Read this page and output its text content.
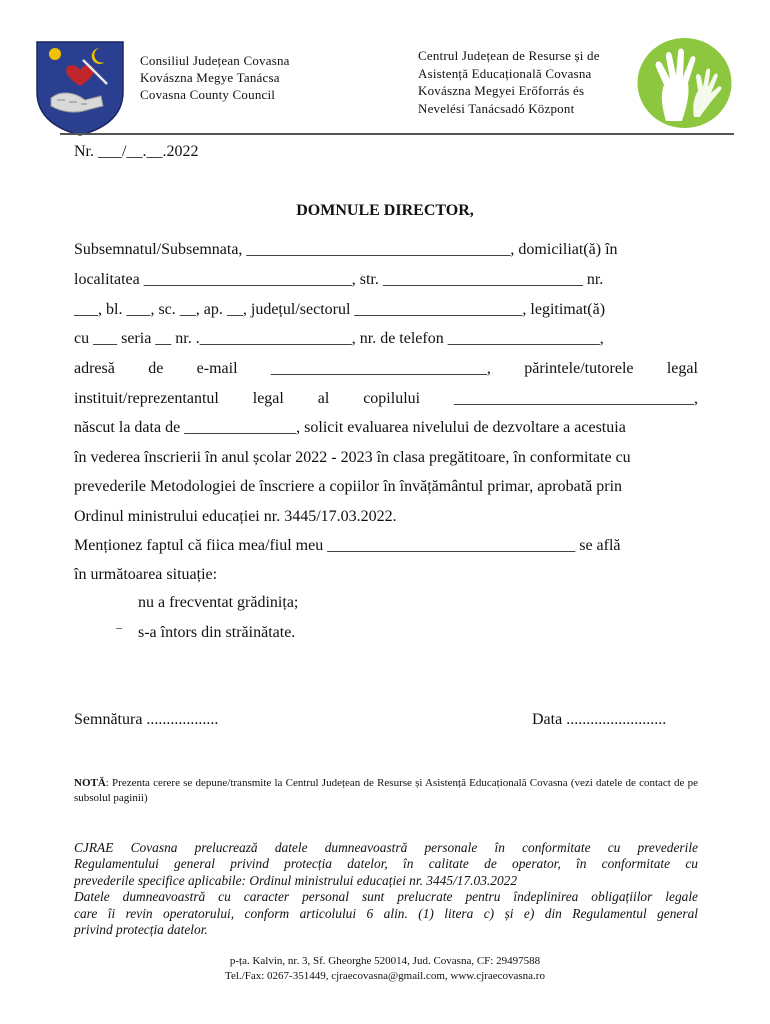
Consiliul Județean Covasna
Kovászna Megye Tanácsa
Covasna County Council
Centrul Județean de Resurse și de
Asistență Educațională Covasna
Kovászna Megyei Erőforrás és
Nevelési Tanácsadó Központ
Nr. ___/__.__.2022
DOMNULE DIRECTOR,
Subsemnatul/Subsemnata, _________________________________, domiciliat(ă) în
localitatea __________________________, str. _________________________ nr.
___, bl. ___, sc. __, ap. __, județul/sectorul _____________________, legitimat(ă)
cu ___ seria __ nr. .___________________, nr. de telefon ___________________,
adresă de e-mail ___________________________, părintele/tutorele legal
instituit/reprezentantul legal al copilului ______________________________,
născut la data de ______________, solicit evaluarea nivelului de dezvoltare a acestuia
în vederea înscrierii în anul școlar 2022 - 2023 în clasa pregătitoare, în conformitate cu
prevederile Metodologiei de înscriere a copiilor în învățământul primar, aprobată prin
Ordinul ministrului educației nr. 3445/17.03.2022.
Menționez faptul că fiica mea/fiul meu _______________________________ se află
în următoarea situație:
nu a frecventat grădinița;
– s-a întors din străinătate.
Semnătura ..................	Data .........................
NOTĂ: Prezenta cerere se depune/transmite la Centrul Județean de Resurse și Asistență Educațională Covasna (vezi datele de contact de pe subsolul paginii)

CJRAE Covasna prelucrează datele dumneavoastră personale în conformitate cu prevederile

Regulamentului general privind protecția datelor, în calitate de operator, în conformitate cu

prevederile specifice aplicabile: Ordinul ministrului educației nr. 3445/17.03.2022

Datele dumneavoastră cu caracter personal sunt prelucrate pentru îndeplinirea obligațiilor legale

care îi revin operatorului, conform articolului 6 alin. (1) litera c) și e) din Regulamentul general

privind protecția datelor.

p-ța. Kalvin, nr. 3, Sf. Gheorghe 520014, Jud. Covasna, CF: 29497588
Tel./Fax: 0267-351449, cjraecovasna@gmail.com, www.cjraecovasna.ro
